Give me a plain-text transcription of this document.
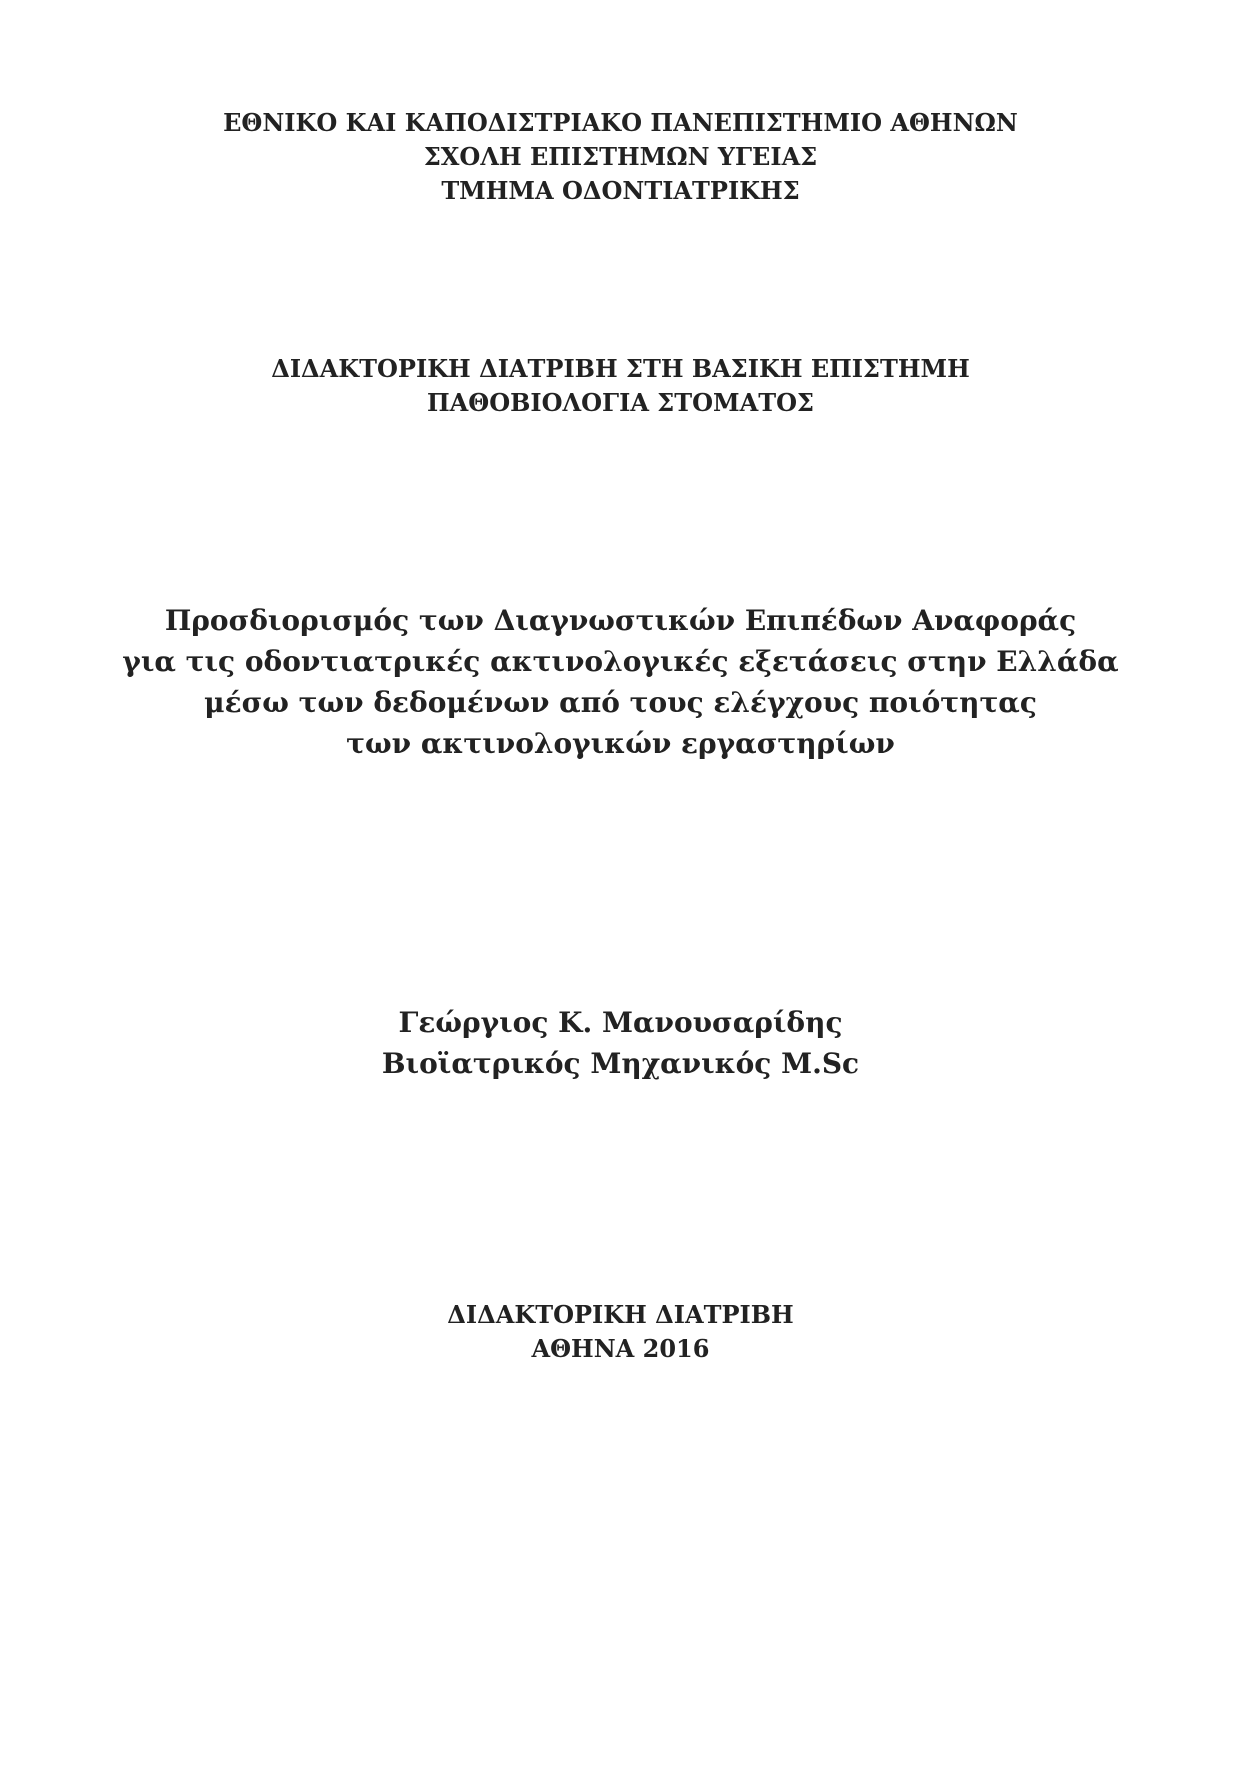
ΕΘΝΙΚΟ ΚΑΙ ΚΑΠΟΔΙΣΤΡΙΑΚΟ ΠΑΝΕΠΙΣΤΗΜΙΟ ΑΘΗΝΩΝ
ΣΧΟΛΗ ΕΠΙΣΤΗΜΩΝ ΥΓΕΙΑΣ
ΤΜΗΜΑ ΟΔΟΝΤΙΑΤΡΙΚΗΣ
ΔΙΔΑΚΤΟΡΙΚΗ ΔΙΑΤΡΙΒΗ ΣΤΗ ΒΑΣΙΚΗ ΕΠΙΣΤΗΜΗ
ΠΑΘΟΒΙΟΛΟΓΙΑ ΣΤΟΜΑΤΟΣ
Προσδιορισμός των Διαγνωστικών Επιπέδων Αναφοράς
για τις οδοντιατρικές ακτινολογικές εξετάσεις στην Ελλάδα
μέσω των δεδομένων από τους ελέγχους ποιότητας
των ακτινολογικών εργαστηρίων
Γεώργιος Κ. Μανουσαρίδης
Βιοϊατρικός Μηχανικός M.Sc
ΔΙΔΑΚΤΟΡΙΚΗ ΔΙΑΤΡΙΒΗ
ΑΘΗΝΑ 2016
